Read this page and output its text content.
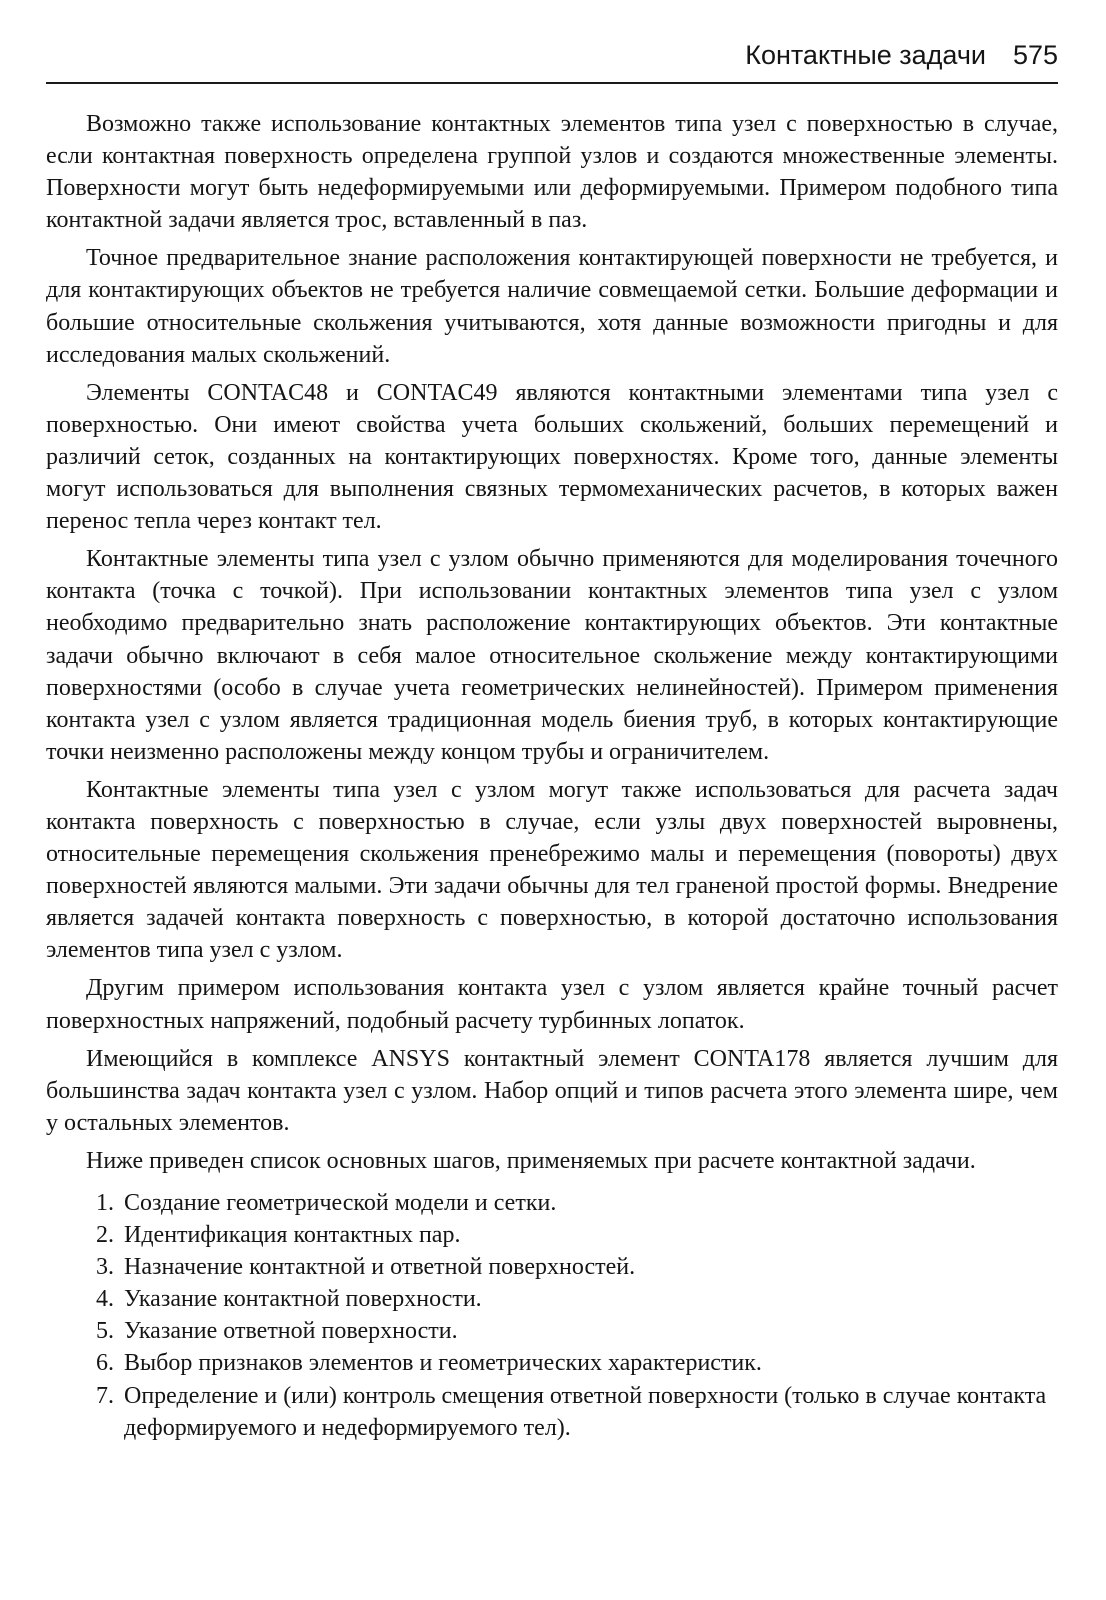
Контактные задачи 575

Возможно также использование контактных элементов типа узел с поверхностью в случае, если контактная поверхность определена группой узлов и создаются множественные элементы. Поверхности могут быть недеформируемыми или деформируемыми. Примером подобного типа контактной задачи является трос, вставленный в паз.

Точное предварительное знание расположения контактирующей поверхности не требуется, и для контактирующих объектов не требуется наличие совмещаемой сетки. Большие деформации и большие относительные скольжения учитываются, хотя данные возможности пригодны и для исследования малых скольжений.

Элементы CONTAC48 и CONTAC49 являются контактными элементами типа узел с поверхностью. Они имеют свойства учета больших скольжений, больших перемещений и различий сеток, созданных на контактирующих поверхностях. Кроме того, данные элементы могут использоваться для выполнения связных термомеханических расчетов, в которых важен перенос тепла через контакт тел.

Контактные элементы типа узел с узлом обычно применяются для моделирования точечного контакта (точка с точкой). При использовании контактных элементов типа узел с узлом необходимо предварительно знать расположение контактирующих объектов. Эти контактные задачи обычно включают в себя малое относительное скольжение между контактирующими поверхностями (особо в случае учета геометрических нелинейностей). Примером применения контакта узел с узлом является традиционная модель биения труб, в которых контактирующие точки неизменно расположены между концом трубы и ограничителем.

Контактные элементы типа узел с узлом могут также использоваться для расчета задач контакта поверхность с поверхностью в случае, если узлы двух поверхностей выровнены, относительные перемещения скольжения пренебрежимо малы и перемещения (повороты) двух поверхностей являются малыми. Эти задачи обычны для тел граненой простой формы. Внедрение является задачей контакта поверхность с поверхностью, в которой достаточно использования элементов типа узел с узлом.

Другим примером использования контакта узел с узлом является крайне точный расчет поверхностных напряжений, подобный расчету турбинных лопаток.

Имеющийся в комплексе ANSYS контактный элемент CONTA178 является лучшим для большинства задач контакта узел с узлом. Набор опций и типов расчета этого элемента шире, чем у остальных элементов.

Ниже приведен список основных шагов, применяемых при расчете контактной задачи.

1. Создание геометрической модели и сетки.
2. Идентификация контактных пар.
3. Назначение контактной и ответной поверхностей.
4. Указание контактной поверхности.
5. Указание ответной поверхности.
6. Выбор признаков элементов и геометрических характеристик.
7. Определение и (или) контроль смещения ответной поверхности (только в случае контакта деформируемого и недеформируемого тел).
